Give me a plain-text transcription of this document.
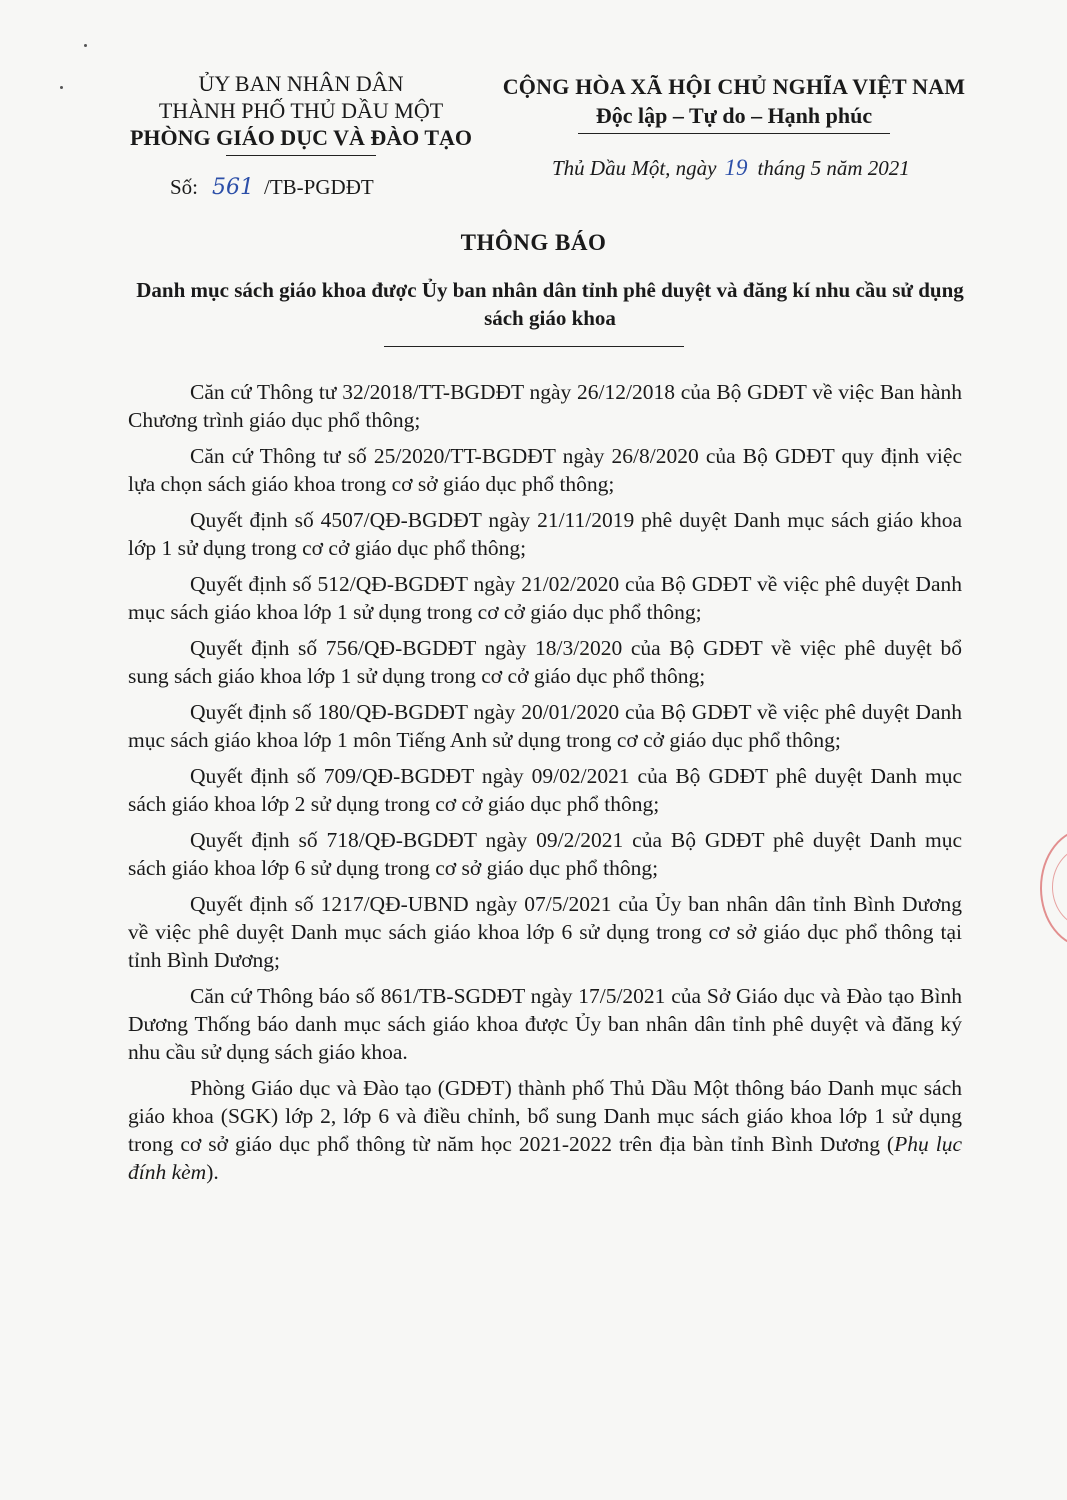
ỦY BAN NHÂN DÂN
THÀNH PHỐ THỦ DẦU MỘT
PHÒNG GIÁO DỤC VÀ ĐÀO TẠO
CỘNG HÒA XÃ HỘI CHỦ NGHĨA VIỆT NAM
Độc lập – Tự do – Hạnh phúc
Số: 561 /TB-PGDĐT
Thủ Dầu Một, ngày 19 tháng 5 năm 2021
THÔNG BÁO
Danh mục sách giáo khoa được Ủy ban nhân dân tỉnh phê duyệt và đăng kí nhu cầu sử dụng sách giáo khoa

Căn cứ Thông tư 32/2018/TT-BGDĐT ngày 26/12/2018 của Bộ GDĐT về việc Ban hành Chương trình giáo dục phổ thông;

Căn cứ Thông tư số 25/2020/TT-BGDĐT ngày 26/8/2020 của Bộ GDĐT quy định việc lựa chọn sách giáo khoa trong cơ sở giáo dục phổ thông;

Quyết định số 4507/QĐ-BGDĐT ngày 21/11/2019 phê duyệt Danh mục sách giáo khoa lớp 1 sử dụng trong cơ cở giáo dục phổ thông;

Quyết định số 512/QĐ-BGDĐT ngày 21/02/2020 của Bộ GDĐT về việc phê duyệt Danh mục sách giáo khoa lớp 1 sử dụng trong cơ cở giáo dục phổ thông;

Quyết định số 756/QĐ-BGDĐT ngày 18/3/2020 của Bộ GDĐT về việc phê duyệt bổ sung sách giáo khoa lớp 1 sử dụng trong cơ cở giáo dục phổ thông;

Quyết định số 180/QĐ-BGDĐT ngày 20/01/2020 của Bộ GDĐT về việc phê duyệt Danh mục sách giáo khoa lớp 1 môn Tiếng Anh sử dụng trong cơ cở giáo dục phổ thông;

Quyết định số 709/QĐ-BGDĐT ngày 09/02/2021 của Bộ GDĐT phê duyệt Danh mục sách giáo khoa lớp 2 sử dụng trong cơ cở giáo dục phổ thông;

Quyết định số 718/QĐ-BGDĐT ngày 09/2/2021 của Bộ GDĐT phê duyệt Danh mục sách giáo khoa lớp 6 sử dụng trong cơ sở giáo dục phổ thông;

Quyết định số 1217/QĐ-UBND ngày 07/5/2021 của Ủy ban nhân dân tỉnh Bình Dương về việc phê duyệt Danh mục sách giáo khoa lớp 6 sử dụng trong cơ sở giáo dục phổ thông tại tỉnh Bình Dương;

Căn cứ Thông báo số 861/TB-SGDĐT ngày 17/5/2021 của Sở Giáo dục và Đào tạo Bình Dương Thống báo danh mục sách giáo khoa được Ủy ban nhân dân tỉnh phê duyệt và đăng ký nhu cầu sử dụng sách giáo khoa.

Phòng Giáo dục và Đào tạo (GDĐT) thành phố Thủ Dầu Một thông báo Danh mục sách giáo khoa (SGK) lớp 2, lớp 6 và điều chỉnh, bổ sung Danh mục sách giáo khoa lớp 1 sử dụng trong cơ sở giáo dục phổ thông từ năm học 2021-2022 trên địa bàn tỉnh Bình Dương (Phụ lục đính kèm).
